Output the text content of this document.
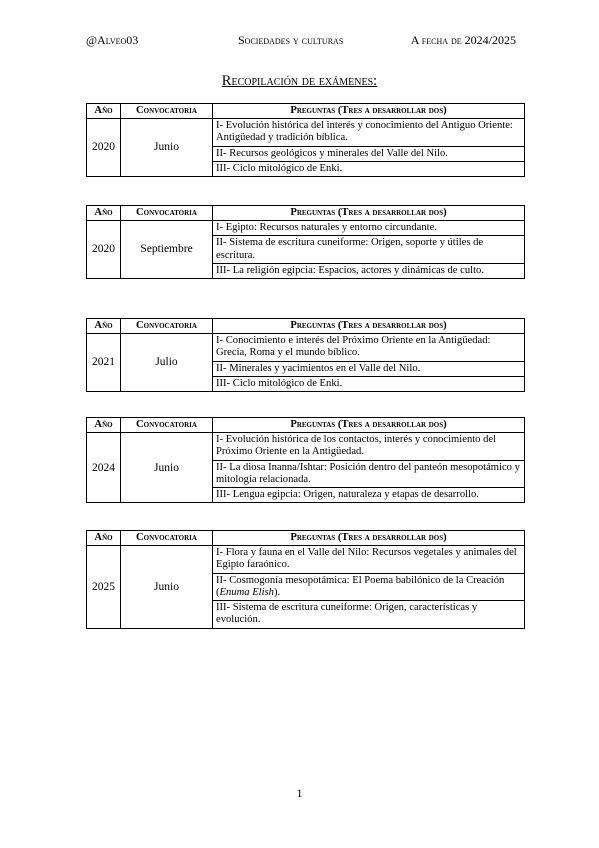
@Alveo03	Sociedades y culturas	A fecha de 2024/2025
Recopilación de exámenes:
Año	Convocatoria	Preguntas (Tres a desarrollar dos)
2020	Junio	I- Evolución histórica del interés y conocimiento del Antiguo Oriente: Antigüedad y tradición bíblica.
		II- Recursos geológicos y minerales del Valle del Nilo.
		III- Ciclo mitológico de Enki.
Año	Convocatoria	Preguntas (Tres a desarrollar dos)
2020	Septiembre	I- Egipto: Recursos naturales y entorno circundante.
		II- Sistema de escritura cuneiforme: Origen, soporte y útiles de escritura.
		III- La religión egipcia: Espacios, actores y dinámicas de culto.
Año	Convocatoria	Preguntas (Tres a desarrollar dos)
2021	Julio	I- Conocimiento e interés del Próximo Oriente en la Antigüedad: Grecia, Roma y el mundo bíblico.
		II- Minerales y yacimientos en el Valle del Nilo.
		III- Ciclo mitológico de Enki.
Año	Convocatoria	Preguntas (Tres a desarrollar dos)
2024	Junio	I- Evolución histórica de los contactos, interés y conocimiento del Próximo Oriente en la Antigüedad.
		II- La diosa Inanna/Ishtar: Posición dentro del panteón mesopotámico y mitología relacionada.
		III- Lengua egipcia: Origen, naturaleza y etapas de desarrollo.
Año	Convocatoria	Preguntas (Tres a desarrollar dos)
2025	Junio	I- Flora y fauna en el Valle del Nilo: Recursos vegetales y animales del Egipto faraónico.
		II- Cosmogonía mesopotámica: El Poema babilónico de la Creación (Enuma Elish).
		III- Sistema de escritura cuneiforme: Origen, características y evolución.
1
